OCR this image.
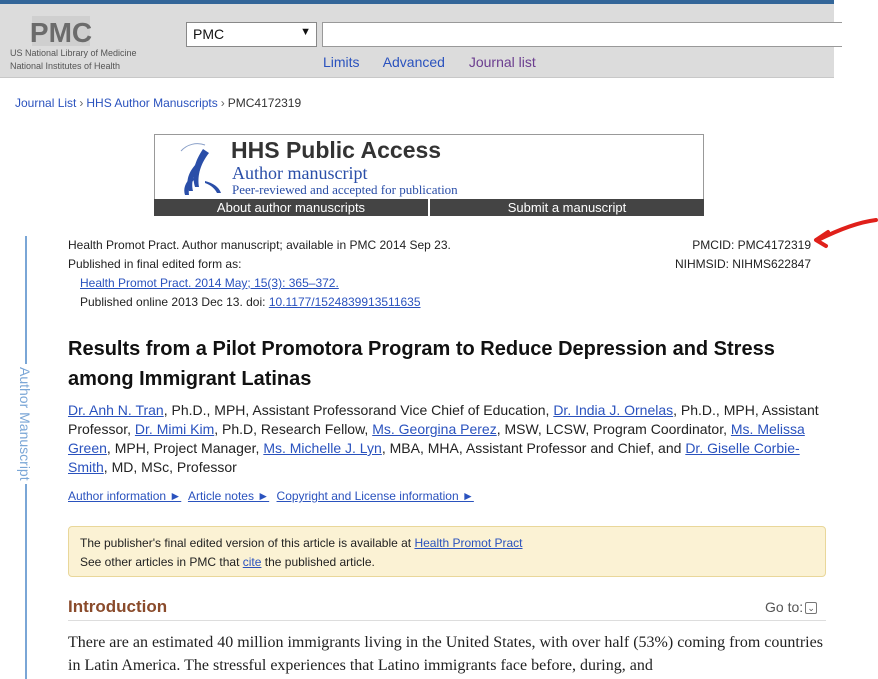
PMC
US National Library of Medicine
National Institutes of Health
PMC	▼
Limits Advanced Journal list
Journal List › HHS Author Manuscripts › PMC4172319
HHS Public Access
Author manuscript
Peer-reviewed and accepted for publication
About author manuscripts	Submit a manuscript
Author Manuscript
Health Promot Pract. Author manuscript; available in PMC 2014 Sep 23.
Published in final edited form as:
Health Promot Pract. 2014 May; 15(3): 365–372.
Published online 2013 Dec 13. doi: 10.1177/1524839913511635
PMCID: PMC4172319
NIHMSID: NIHMS622847
Results from a Pilot Promotora Program to Reduce Depression and Stress among Immigrant Latinas
Dr. Anh N. Tran, Ph.D., MPH, Assistant Professorand Vice Chief of Education, Dr. India J. Ornelas, Ph.D., MPH, Assistant Professor, Dr. Mimi Kim, Ph.D, Research Fellow, Ms. Georgina Perez, MSW, LCSW, Program Coordinator, Ms. Melissa Green, MPH, Project Manager, Ms. Michelle J. Lyn, MBA, MHA, Assistant Professor and Chief, and Dr. Giselle Corbie-Smith, MD, MSc, Professor
Author information ► Article notes ► Copyright and License information ►
The publisher's final edited version of this article is available at Health Promot Pract
See other articles in PMC that cite the published article.
Introduction	Go to: ⌄
There are an estimated 40 million immigrants living in the United States, with over half (53%) coming from countries in Latin America. The stressful experiences that Latino immigrants face before, during, and
